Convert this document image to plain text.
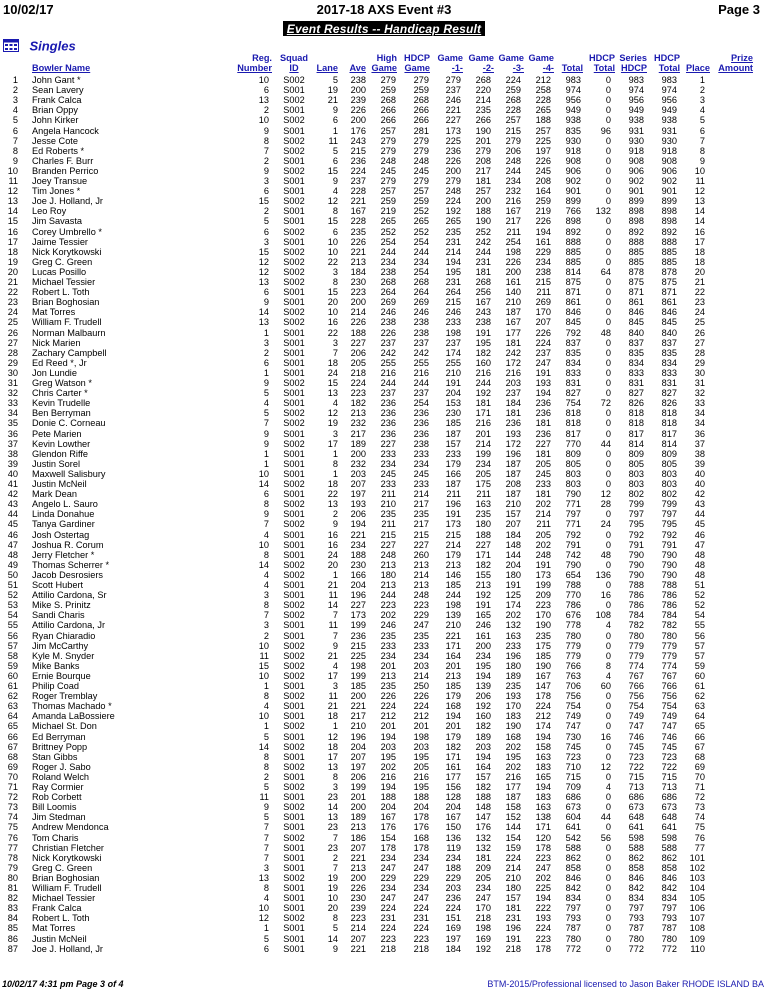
10/02/17	2017-18 AXS Event #3	Page 3
Event Results -- Handicap Result
Singles
Bowler Name
Reg.
Number
Squad
ID
	Lane
	Ave
High
Game
HDCP
Game
Game
-1-
Game
-2-
Game
-3-
Game
-4-
Total
HDCP
Total
Series
HDCP
HDCP
Total
Place
Prize
Amount
1 John Gant *	10	S002	5	238	279	279	279	268	224	212	983	0	983	983	1
2 Sean Lavery	6	S001	19	200	259	259	237	220	259	258	974	0	974	974	2
3 Frank Calca	13	S002	21	239	268	268	246	214	268	228	956	0	956	956	3
4 Brian Oppy	2	S001	9	226	266	266	221	235	228	265	949	0	949	949	4
5 John Kirker	10	S002	6	200	266	266	227	266	257	188	938	0	938	938	5
6 Angela Hancock	9	S001	1	176	257	281	173	190	215	257	835	96	931	931	6
7 Jesse Cote	8	S002	11	243	279	279	225	201	279	225	930	0	930	930	7
8 Ed Roberts *	7	S002	5	215	279	279	236	279	206	197	918	0	918	918	8
9 Charles F. Burr	2	S001	6	236	248	248	226	208	248	226	908	0	908	908	9
10 Branden Perrico	9	S002	15	224	245	245	200	217	244	245	906	0	906	906	10
11 Joey Transue	3	S001	9	237	279	279	279	181	234	208	902	0	902	902	11
12 Tim Jones *	6	S001	4	228	257	257	248	257	232	164	901	0	901	901	12
13 Joe J. Holland, Jr	15	S002	12	221	259	259	224	200	216	259	899	0	899	899	13
14 Leo Roy	2	S001	8	167	219	252	192	188	167	219	766	132	898	898	14
15 Jim Savasta	5	S001	15	228	265	265	265	190	217	226	898	0	898	898	14
16 Corey Umbrello *	6	S002	6	235	252	252	235	252	211	194	892	0	892	892	16
17 Jaime Tessier	3	S001	10	226	254	254	231	242	254	161	888	0	888	888	17
18 Nick Korytkowski	15	S002	10	221	244	244	214	244	198	229	885	0	885	885	18
19 Greg C. Green	12	S002	22	213	234	234	194	231	226	234	885	0	885	885	18
20 Lucas Posillo	12	S002	3	184	238	254	195	181	200	238	814	64	878	878	20
21 Michael Tessier	13	S002	8	230	268	268	231	268	161	215	875	0	875	875	21
22 Robert L. Toth	6	S001	15	223	264	264	264	256	140	211	871	0	871	871	22
23 Brian Boghosian	9	S001	20	200	269	269	215	167	210	269	861	0	861	861	23
24 Mat Torres	14	S002	10	214	246	246	246	243	187	170	846	0	846	846	24
25 William F. Trudell	13	S002	16	226	238	238	233	238	167	207	845	0	845	845	25
26 Norman Malbaurn	1	S001	22	188	226	238	198	191	177	226	792	48	840	840	26
27 Nick Marien	3	S001	3	227	237	237	237	195	181	224	837	0	837	837	27
28 Zachary Campbell	2	S001	7	206	242	242	174	182	242	237	835	0	835	835	28
29 Ed Reed *, Jr	6	S001	18	205	255	255	255	160	172	247	834	0	834	834	29
30 Jon Lundie	1	S001	24	218	216	216	210	216	216	191	833	0	833	833	30
31 Greg Watson *	9	S002	15	224	244	244	191	244	203	193	831	0	831	831	31
32 Chris Carter *	5	S001	13	223	237	237	204	192	237	194	827	0	827	827	32
33 Kevin Trudelle	4	S001	4	182	236	254	153	181	184	236	754	72	826	826	33
34 Ben Berryman	5	S002	12	213	236	236	230	171	181	236	818	0	818	818	34
35 Donie C. Corneau	7	S002	19	232	236	236	185	216	236	181	818	0	818	818	34
36 Pete Marien	9	S001	3	217	236	236	187	201	193	236	817	0	817	817	36
37 Kevin Lowther	9	S002	17	189	227	238	157	214	172	227	770	44	814	814	37
38 Glendon Riffe	1	S001	1	200	233	233	233	199	196	181	809	0	809	809	38
39 Justin Sorel	1	S001	8	232	234	234	179	234	187	205	805	0	805	805	39
40 Maxwell Salisbury	10	S001	1	203	245	245	166	205	187	245	803	0	803	803	40
41 Justin McNeil	14	S002	18	207	233	233	187	175	208	233	803	0	803	803	40
42 Mark Dean	6	S001	22	197	211	214	211	211	187	181	790	12	802	802	42
43 Angelo L. Sauro	8	S002	13	193	210	217	196	163	210	202	771	28	799	799	43
44 Linda Donahue	9	S001	2	206	235	235	191	235	157	214	797	0	797	797	44
45 Tanya Gardiner	7	S002	9	194	211	217	173	180	207	211	771	24	795	795	45
46 Josh Ostertag	4	S001	16	221	215	215	215	188	184	205	792	0	792	792	46
47 Joshua R. Corum	10	S001	16	234	227	227	214	227	148	202	791	0	791	791	47
48 Jerry Fletcher *	8	S001	24	188	248	260	179	171	144	248	742	48	790	790	48
49 Thomas Scherrer *	14	S002	20	230	213	213	213	182	204	191	790	0	790	790	48
50 Jacob Desrosiers	4	S002	1	166	180	214	146	155	180	173	654	136	790	790	48
51 Scott Hubert	4	S001	21	204	213	213	185	213	191	199	788	0	788	788	51
52 Attilio Cardona, Sr	3	S001	11	196	244	248	244	192	125	209	770	16	786	786	52
53 Mike S. Prinitz	8	S002	14	227	223	223	198	191	174	223	786	0	786	786	52
54 Sandi Charis	7	S002	7	173	202	229	139	165	202	170	676	108	784	784	54
55 Attilio Cardona, Jr	3	S001	11	199	246	247	210	246	132	190	778	4	782	782	55
56 Ryan Chiaradio	2	S001	7	236	235	235	221	161	163	235	780	0	780	780	56
57 Jim McCarthy	10	S002	9	215	233	233	171	200	233	175	779	0	779	779	57
58 Kyle M. Snyder	11	S002	21	225	234	234	164	234	196	185	779	0	779	779	57
59 Mike Banks	15	S002	4	198	201	203	201	195	180	190	766	8	774	774	59
60 Ernie Bourque	10	S002	17	199	213	214	213	194	189	167	763	4	767	767	60
61 Philip Coad	1	S001	3	185	235	250	185	139	235	147	706	60	766	766	61
62 Roger Tremblay	8	S002	11	200	226	226	179	206	193	178	756	0	756	756	62
63 Thomas Machado *	4	S001	21	221	224	224	168	192	170	224	754	0	754	754	63
64 Amanda LaBossiere	10	S001	18	217	212	212	194	160	183	212	749	0	749	749	64
65 Michael St. Don	1	S002	1	210	201	201	201	182	190	174	747	0	747	747	65
66 Ed Berryman	5	S001	12	196	194	198	179	189	168	194	730	16	746	746	66
67 Brittney Popp	14	S002	18	204	203	203	182	203	202	158	745	0	745	745	67
68 Stan Gibbs	8	S001	17	207	195	195	171	194	195	163	723	0	723	723	68
69 Roger J. Sabo	8	S002	13	197	202	205	161	164	202	183	710	12	722	722	69
70 Roland Welch	2	S001	8	206	216	216	177	157	216	165	715	0	715	715	70
71 Ray Cormier	5	S002	3	199	194	195	156	182	177	194	709	4	713	713	71
72 Rob Corbett	11	S001	23	201	188	188	128	188	187	183	686	0	686	686	72
73 Bill Loomis	9	S002	14	200	204	204	204	148	158	163	673	0	673	673	73
74 Jim Stedman	5	S001	13	189	167	178	167	147	152	138	604	44	648	648	74
75 Andrew Mendonca	7	S001	23	213	176	176	150	176	144	171	641	0	641	641	75
76 Tom Charis	7	S002	7	186	154	168	136	132	154	120	542	56	598	598	76
77 Christian Fletcher	7	S001	23	207	178	178	119	132	159	178	588	0	588	588	77
78 Nick Korytkowski	7	S001	2	221	234	234	234	181	224	223	862	0	862	862	101
79 Greg C. Green	3	S001	7	213	247	247	188	209	214	247	858	0	858	858	102
80 Brian Boghosian	13	S002	19	200	229	229	229	205	210	202	846	0	846	846	103
81 William F. Trudell	8	S001	19	226	234	234	203	234	180	225	842	0	842	842	104
82 Michael Tessier	4	S001	10	230	247	247	236	247	157	194	834	0	834	834	105
83 Frank Calca	10	S001	20	239	224	224	224	170	181	222	797	0	797	797	106
84 Robert L. Toth	12	S002	8	223	231	231	151	218	231	193	793	0	793	793	107
85 Mat Torres	1	S001	5	214	224	224	169	198	196	224	787	0	787	787	108
86 Justin McNeil	5	S001	14	207	223	223	197	169	191	223	780	0	780	780	109
87 Joe J. Holland, Jr	6	S001	9	221	218	218	184	192	218	178	772	0	772	772	110
10/02/17 4:31 pm Page 3 of 4	BTM-2015/Professional licensed to Jason Baker RHODE ISLAND BA
